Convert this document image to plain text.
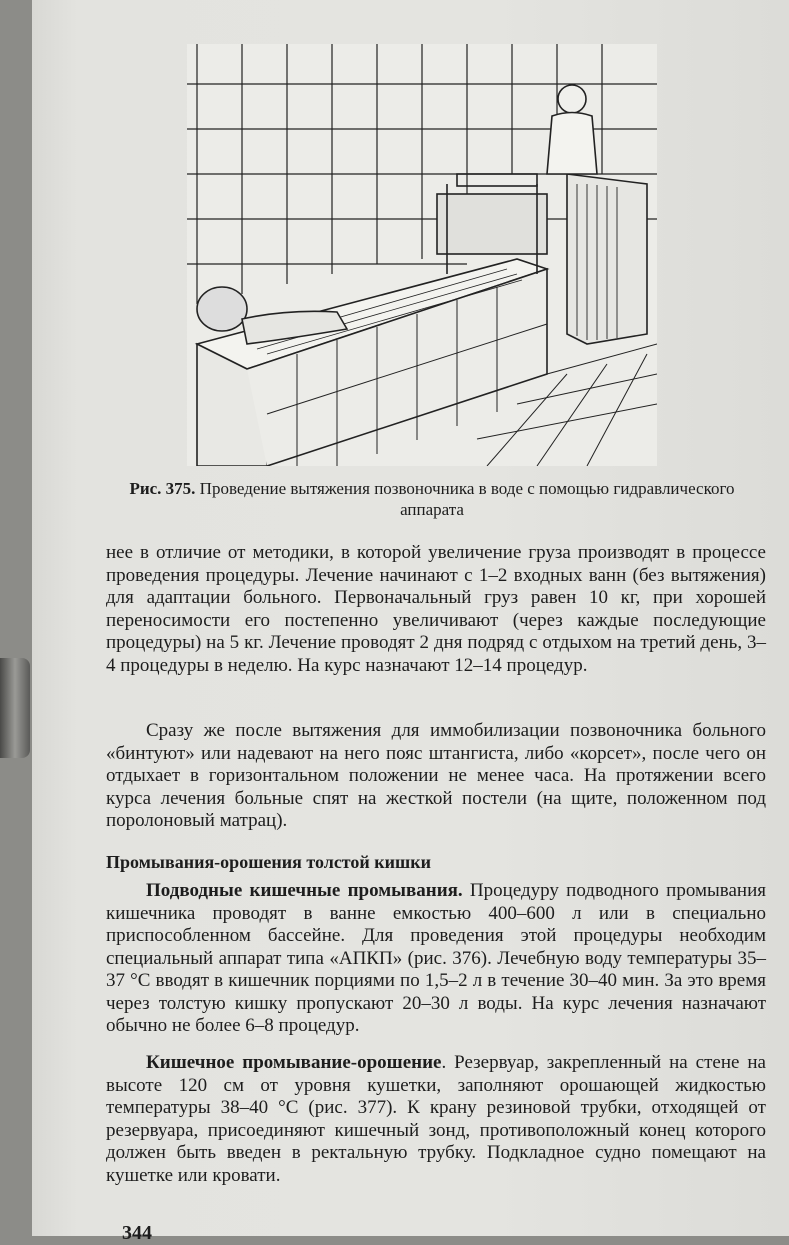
Рис. 375. Проведение вытяжения позвоночника в воде с помощью гидравлического аппарата
нее в отличие от методики, в которой увеличение груза производят в процессе проведения процедуры. Лечение начинают с 1–2 входных ванн (без вытяжения) для адаптации больного. Первоначальный груз равен 10 кг, при хорошей переносимости его постепенно увеличивают (через каждые последующие процедуры) на 5 кг. Лечение проводят 2 дня подряд с отдыхом на третий день, 3–4 процедуры в неделю. На курс назначают 12–14 процедур.
Сразу же после вытяжения для иммобилизации позвоночника больного «бинтуют» или надевают на него пояс штангиста, либо «корсет», после чего он отдыхает в горизонтальном положении не менее часа. На протяжении всего курса лечения больные спят на жесткой постели (на щите, положенном под поролоновый матрац).
Промывания-орошения толстой кишки
Подводные кишечные промывания. Процедуру подводного промывания кишечника проводят в ванне емкостью 400–600 л или в специально приспособленном бассейне. Для проведения этой процедуры необходим специальный аппарат типа «АПКП» (рис. 376). Лечебную воду температуры 35–37 °С вводят в кишечник порциями по 1,5–2 л в течение 30–40 мин. За это время через толстую кишку пропускают 20–30 л воды. На курс лечения назначают обычно не более 6–8 процедур.
Кишечное промывание-орошение. Резервуар, закрепленный на стене на высоте 120 см от уровня кушетки, заполняют орошающей жидкостью температуры 38–40 °С (рис. 377). К крану резиновой трубки, отходящей от резервуара, присоединяют кишечный зонд, противоположный конец которого должен быть введен в ректальную трубку. Подкладное судно помещают на кушетке или кровати.
344
